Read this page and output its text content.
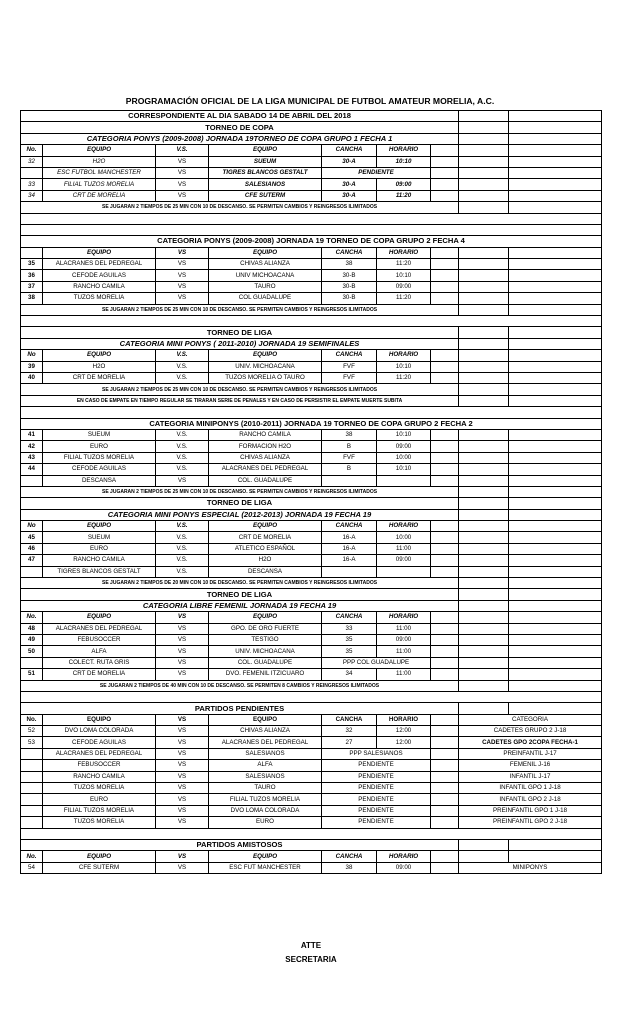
PROGRAMACIÓN OFICIAL DE LA LIGA MUNICIPAL DE FUTBOL AMATEUR MORELIA, A.C.
CORRESPONDIENTE AL DIA SABADO 14 DE ABRIL DEL 2018								
TORNEO DE COPA								
CATEGORIA PONYS (2009-2008) JORNADA 19TORNEO DE COPA GRUPO 1 FECHA 1								
No.	EQUIPO	V.S.	EQUIPO	CANCHA	HORARIO			
32	H2O	VS	SUEUM	30-A	10:10			
	ESC FUTBOL MANCHESTER	VS	TIGRES BLANCOS GESTALT	PENDIENTE				
33	FILIAL TUZOS MORELIA	VS	SALESIANOS	30-A	09:00			
34	CRT DE MORELIA	VS	CFE SUTERM	30-A	11:20			
SE JUGARAN 2 TIEMPOS DE 25 MIN CON 10 DE DESCANSO. SE PERMITEN CAMBIOS Y REINGRESOS ILIMITADOS								

CATEGORIA PONYS (2009-2008) JORNADA 19 TORNEO DE COPA GRUPO 2 FECHA 4								
	EQUIPO	VS	EQUIPO	CANCHA	HORARIO			
35	ALACRANES DEL PEDREGAL	VS	CHIVAS ALIANZA	38	11:20			
36	CEFODE AGUILAS	VS	UNIV MICHOACANA	30-B	10:10			
37	RANCHO CAMILA	VS	TAURO	30-B	09:00			
38	TUZOS MORELIA	VS	COL GUADALUPE	30-B	11:20			
SE JUGARAN 2 TIEMPOS DE 25 MIN CON 10 DE DESCANSO. SE PERMITEN CAMBIOS Y REINGRESOS ILIMITADOS								

TORNEO DE LIGA								
CATEGORIA MINI PONYS ( 2011-2010) JORNADA 19 SEMIFINALES								
No	EQUIPO	V.S.	EQUIPO	CANCHA	HORARIO			
39	H2O	V.S.	UNIV. MICHOACANA	FVF	10:10			
40	CRT DE MORELIA	V.S.	TUZOS MORELIA O TAURO	FVF	11:20			
SE JUGARAN 2 TIEMPOS DE 25 MIN CON 10 DE DESCANSO. SE PERMITEN CAMBIOS Y REINGRESOS ILIMITADOS								
EN CASO DE EMPATE EN TIEMPO REGULAR SE TIRARAN SERIE DE PENALES Y EN CASO DE PERSISTIR EL EMPATE MUERTE SUBITA								

CATEGORIA MINIPONYS (2010-2011) JORNADA 19 TORNEO DE COPA GRUPO 2 FECHA 2								
41	SUEUM	V.S.	RANCHO CAMILA	38	10:10			
42	EURO	V.S.	FORMACION H2O	B	09:00			
43	FILIAL TUZOS MORELIA	V.S.	CHIVAS ALIANZA	FVF	10:00			
44	CEFODE AGUILAS	V.S.	ALACRANES DEL PEDREGAL	B	10:10			
	DESCANSA	VS	COL. GUADALUPE					
SE JUGARAN 2 TIEMPOS DE 25 MIN CON 10 DE DESCANSO. SE PERMITEN CAMBIOS Y REINGRESOS ILIMITADOS								
TORNEO DE LIGA								
CATEGORIA MINI PONYS ESPECIAL (2012-2013) JORNADA 19 FECHA 19								
No	EQUIPO	V.S.	EQUIPO	CANCHA	HORARIO			
45	SUEUM	V.S.	CRT DE MORELIA	16-A	10:00			
46	EURO	V.S.	ATLETICO ESPAÑOL	16-A	11:00			
47	RANCHO CAMILA	V.S.	H2O	16-A	09:00			
	TIGRES BLANCOS GESTALT	V.S.	DESCANSA					
SE JUGARAN 2 TIEMPOS DE 20 MIN CON 10 DE DESCANSO. SE PERMITEN CAMBIOS Y REINGRESOS ILIMITADOS								
TORNEO DE LIGA								
CATEGORIA LIBRE FEMENIL JORNADA 19 FECHA 19								
No.	EQUIPO	VS	EQUIPO	CANCHA	HORARIO			
48	ALACRANES DEL PEDREGAL	VS	GPO. DE ORO FUERTE	33	11:00			
49	FEBUSOCCER	VS	TESTIGO	35	09:00			
50	ALFA	VS	UNIV. MICHOACANA	35	11:00			
	COLECT. RUTA GRIS	VS	COL. GUADALUPE	PPP COL GUADALUPE				
51	CRT DE MORELIA	VS	DVO. FEMENIL ITZICUARO	34	11:00			
SE JUGARAN 2 TIEMPOS DE 40 MIN CON 10 DE DESCANSO. SE PERMITEN 8 CAMBIOS Y REINGRESOS ILIMITADOS								

PARTIDOS PENDIENTES								
No.	EQUIPO	VS	EQUIPO	CANCHA	HORARIO		CATEGORIA	
52	DVO LOMA COLORADA	VS	CHIVAS ALIANZA	32	12:00		CADETES GRUPO 2 J-18	
53	CEFODE AGUILAS	VS	ALACRANES DEL PEDREGAL	27	12:00		CADETES GPO 2COPA FECHA-1	
	ALACRANES DEL PEDREGAL	VS	SALESIANOS	PPP SALESIANOS			PREINFANTIL J-17	
	FEBUSOCCER	VS	ALFA	PENDIENTE			FEMENIL J-16	
	RANCHO CAMILA	VS	SALESIANOS	PENDIENTE			INFANTIL J-17	
	TUZOS MORELIA	VS	TAURO	PENDIENTE			INFANTIL GPO 1 J-18	
	EURO	VS	FILIAL TUZOS MORELIA	PENDIENTE			INFANTIL GPO 2 J-18	
	FILIAL TUZOS MORELIA	VS	DVO LOMA COLORADA	PENDIENTE			PREINFANTIL GPO 1 J-18	
	TUZOS MORELIA	VS	EURO	PENDIENTE			PREINFANTIL GPO 2 J-18	

PARTIDOS AMISTOSOS								
No.	EQUIPO	VS	EQUIPO	CANCHA	HORARIO			
54	CFE SUTERM	VS	ESC FUT MANCHESTER	38	09:00		MINIPONYS	
ATTE
SECRETARIA
